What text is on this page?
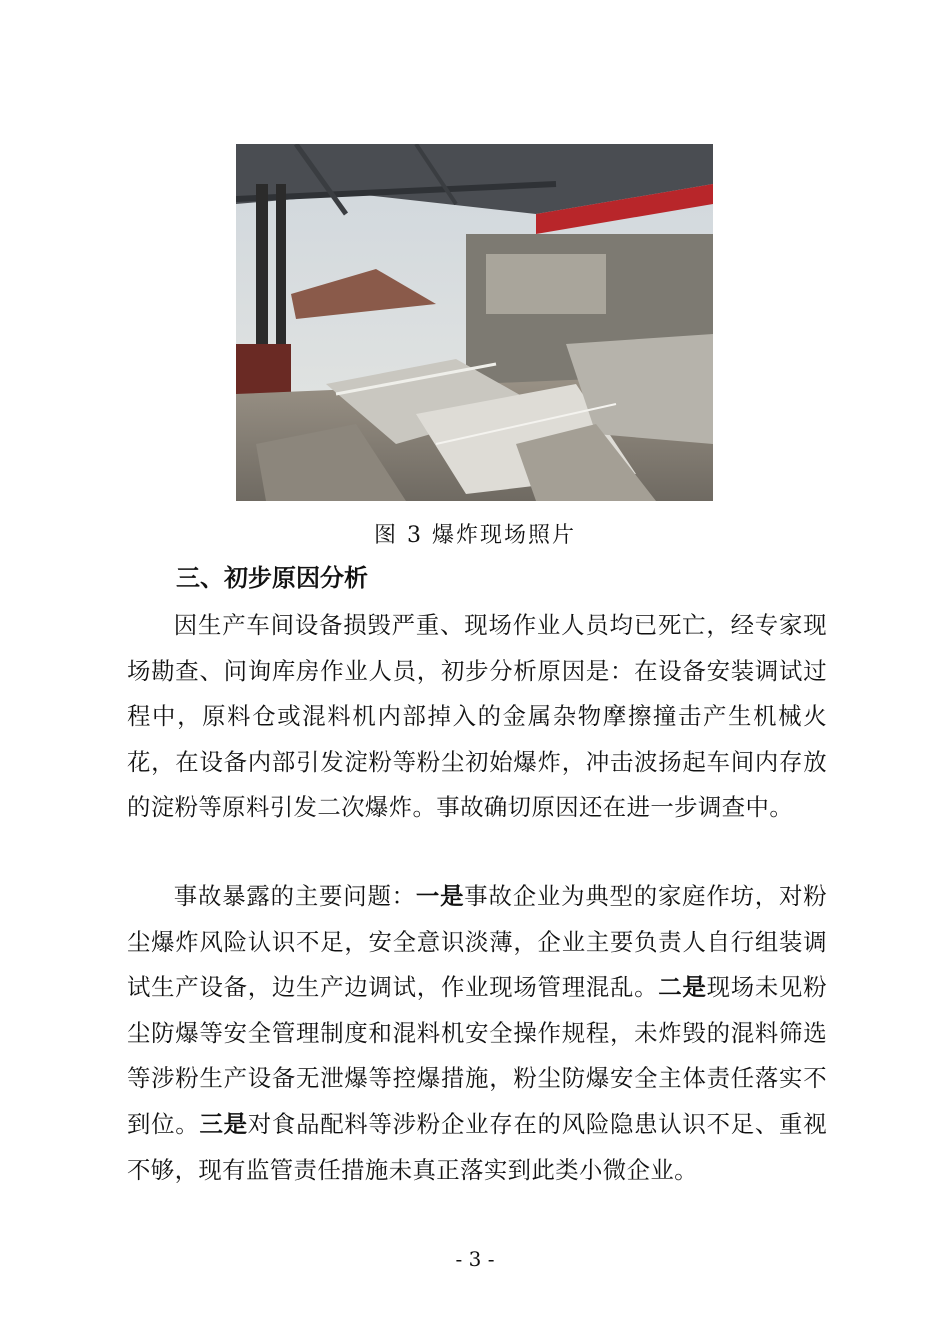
图 3 爆炸现场照片
三、初步原因分析

因生产车间设备损毁严重、现场作业人员均已死亡，经专家现场勘查、问询库房作业人员，初步分析原因是：在设备安装调试过程中，原料仓或混料机内部掉入的金属杂物摩擦撞击产生机械火花，在设备内部引发淀粉等粉尘初始爆炸，冲击波扬起车间内存放的淀粉等原料引发二次爆炸。事故确切原因还在进一步调查中。

事故暴露的主要问题：一是事故企业为典型的家庭作坊，对粉尘爆炸风险认识不足，安全意识淡薄，企业主要负责人自行组装调试生产设备，边生产边调试，作业现场管理混乱。二是现场未见粉尘防爆等安全管理制度和混料机安全操作规程，未炸毁的混料筛选等涉粉生产设备无泄爆等控爆措施，粉尘防爆安全主体责任落实不到位。三是对食品配料等涉粉企业存在的风险隐患认识不足、重视不够，现有监管责任措施未真正落实到此类小微企业。

- 3 -
